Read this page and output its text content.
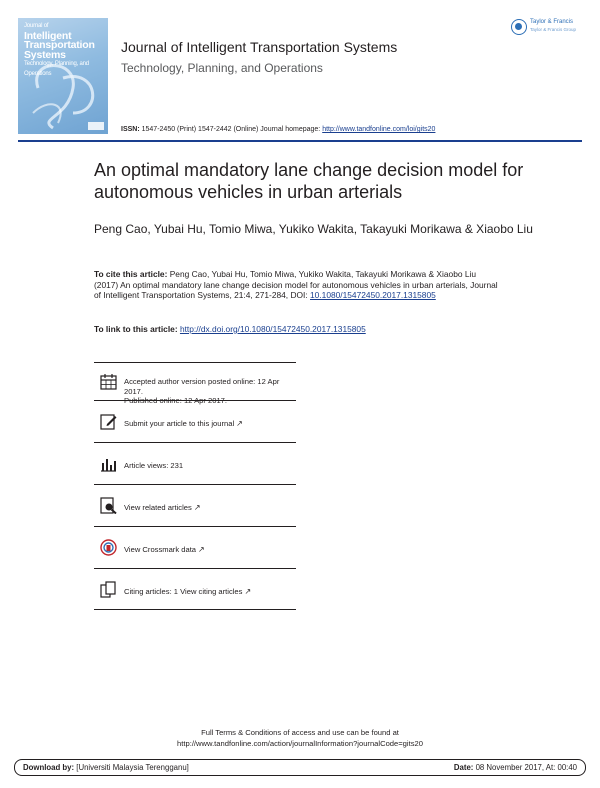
Journal of
Intelligent
Transportation
Systems
Technology, Planning, and Operations
Journal of Intelligent Transportation Systems
Technology, Planning, and Operations
Taylor & Francis
Taylor & Francis Group
ISSN: 1547-2450 (Print) 1547-2442 (Online) Journal homepage: http://www.tandfonline.com/loi/gits20
An optimal mandatory lane change decision model for autonomous vehicles in urban arterials
Peng Cao, Yubai Hu, Tomio Miwa, Yukiko Wakita, Takayuki Morikawa & Xiaobo Liu
To cite this article: Peng Cao, Yubai Hu, Tomio Miwa, Yukiko Wakita, Takayuki Morikawa & Xiaobo Liu (2017) An optimal mandatory lane change decision model for autonomous vehicles in urban arterials, Journal of Intelligent Transportation Systems, 21:4, 271-284, DOI: 10.1080/15472450.2017.1315805
To link to this article: http://dx.doi.org/10.1080/15472450.2017.1315805
Accepted author version posted online: 12 Apr 2017.
Published online: 12 Apr 2017.
Submit your article to this journal ↗
Article views: 231
View related articles ↗
View Crossmark data ↗
Citing articles: 1 View citing articles ↗
Full Terms & Conditions of access and use can be found at
http://www.tandfonline.com/action/journalInformation?journalCode=gits20
Download by: [Universiti Malaysia Terengganu]	Date: 08 November 2017, At: 00:40
